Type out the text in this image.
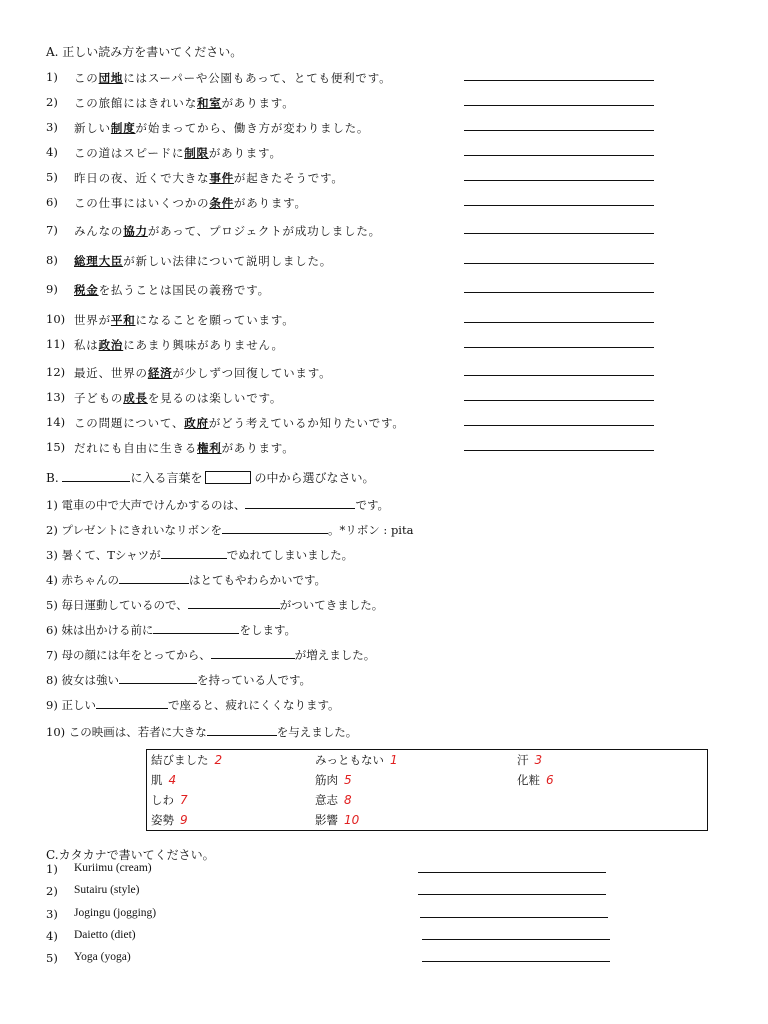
A. 正しい読み方を書いてください。
1)	この団地にはスーパーや公園もあって、とても便利です。
2)	この旅館にはきれいな和室があります。
3)	新しい制度が始まってから、働き方が変わりました。
4)	この道はスピードに制限があります。
5)	昨日の夜、近くで大きな事件が起きたそうです。
6)	この仕事にはいくつかの条件があります。
7)	みんなの協力があって、プロジェクトが成功しました。
8)	総理大臣が新しい法律について説明しました。
9)	税金を払うことは国民の義務です。
10) 世界が平和になることを願っています。
11) 私は政治にあまり興味がありません。
12) 最近、世界の経済が少しずつ回復しています。
13) 子どもの成長を見るのは楽しいです。
14) この問題について、政府がどう考えているか知りたいです。
15) だれにも自由に生きる権利があります。
B.	に入る言葉を	の中から選びなさい。
1) 電車の中で大声でけんかするのは、	です。
2) プレゼントにきれいなリボンを	。*リボン : pita
3) 暑くて、Tシャツが	でぬれてしまいました。
4) 赤ちゃんの	はとてもやわらかいです。
5) 毎日運動しているので、	がついてきました。
6) 妹は出かける前に	をします。
7) 母の顔には年をとってから、	が増えました。
8) 彼女は強い	を持っている人です。
9) 正しい	で座ると、疲れにくくなります。
10) この映画は、若者に大きな	を与えました。
結びました 2	みっともない 1	汗 3
肌 4	筋肉 5	化粧 6
しわ 7	意志 8
姿勢 9	影響 10
C.カタカナで書いてください。
1)	Kuriimu (cream)
2)	Sutairu (style)
3)	Jogingu (jogging)
4)	Daietto (diet)
5)	Yoga (yoga)
